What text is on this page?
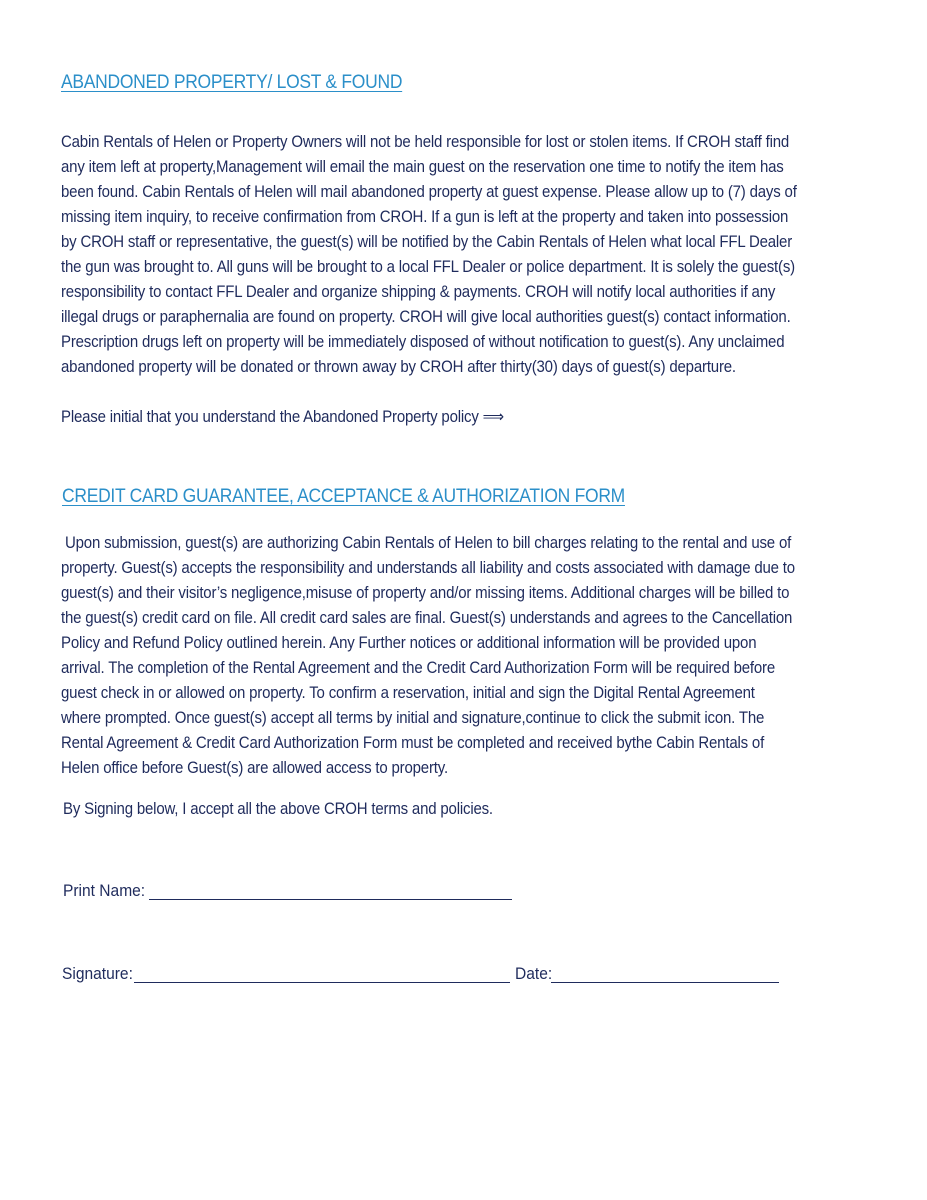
ABANDONED PROPERTY/ LOST & FOUND
Cabin Rentals of Helen or Property Owners will not be held responsible for lost or stolen items. If CROH staff find
any item left at property,Management will email the main guest on the reservation one time to notify the item has
been found. Cabin Rentals of Helen will mail abandoned property at guest expense. Please allow up to (7) days of
missing item inquiry, to receive confirmation from CROH. If a gun is left at the property and taken into possession
by CROH staff or representative, the guest(s) will be notified by the Cabin Rentals of Helen what local FFL Dealer
the gun was brought to. All guns will be brought to a local FFL Dealer or police department. It is solely the guest(s)
responsibility to contact FFL Dealer and organize shipping & payments. CROH will notify local authorities if any
illegal drugs or paraphernalia are found on property. CROH will give local authorities guest(s) contact information.
Prescription drugs left on property will be immediately disposed of without notification to guest(s). Any unclaimed
abandoned property will be donated or thrown away by CROH after thirty(30) days of guest(s) departure.
Please initial that you understand the Abandoned Property policy ⟹
CREDIT CARD GUARANTEE, ACCEPTANCE & AUTHORIZATION FORM
Upon submission, guest(s) are authorizing Cabin Rentals of Helen to bill charges relating to the rental and use of
property. Guest(s) accepts the responsibility and understands all liability and costs associated with damage due to
guest(s) and their visitor’s negligence,misuse of property and/or missing items. Additional charges will be billed to
the guest(s) credit card on file. All credit card sales are final. Guest(s) understands and agrees to the Cancellation
Policy and Refund Policy outlined herein. Any Further notices or additional information will be provided upon
arrival. The completion of the Rental Agreement and the Credit Card Authorization Form will be required before
guest check in or allowed on property. To confirm a reservation, initial and sign the Digital Rental Agreement
where prompted. Once guest(s) accept all terms by initial and signature,continue to click the submit icon. The
Rental Agreement & Credit Card Authorization Form must be completed and received bythe Cabin Rentals of
Helen office before Guest(s) are allowed access to property.
By Signing below, I accept all the above CROH terms and policies.
Print Name:
Signature:	Date:
